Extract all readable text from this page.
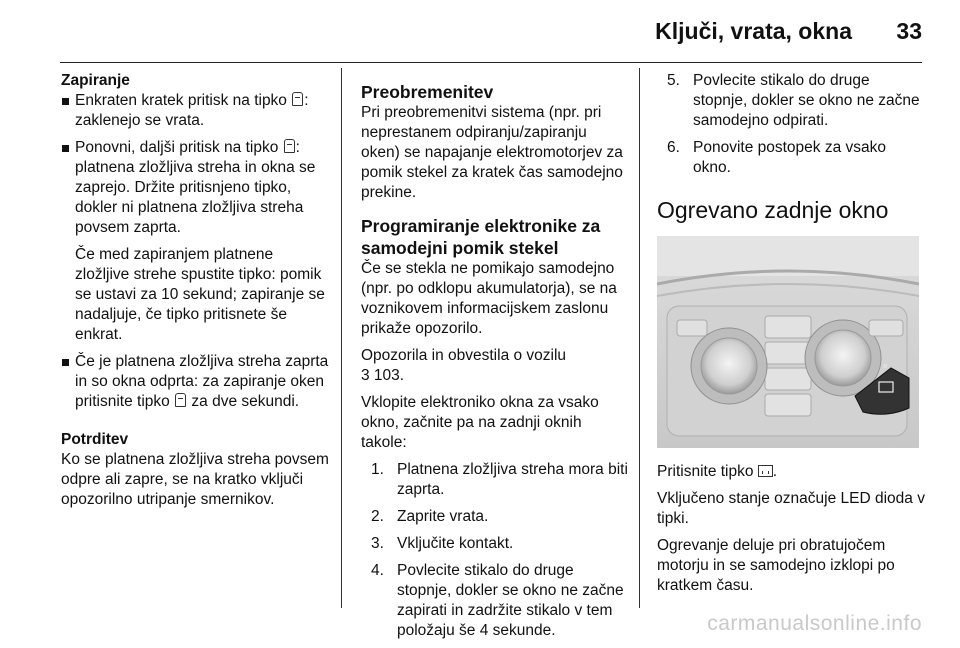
Ključi, vrata, okna 33
Zapiranje
Enkraten kratek pritisk na tipko :
zaklenejo se vrata.
Ponovni, daljši pritisk na tipko : platnena zložljiva streha in okna se zaprejo. Držite pritisnjeno tipko, dokler ni platnena zložljiva streha povsem zaprta.
Če med zapiranjem platnene zložljive strehe spustite tipko: pomik se ustavi za 10 sekund; zapiranje se nadaljuje, če tipko pritisnete še enkrat.
Če je platnena zložljiva streha zaprta in so okna odprta: za zapiranje oken pritisnite tipko za dve sekundi.
Potrditev

Ko se platnena zložljiva streha povsem odpre ali zapre, se na kratko vključi opozorilno utripanje smernikov.

Preobremenitev

Pri preobremenitvi sistema (npr. pri neprestanem odpiranju/zapiranju oken) se napajanje elektromotorjev za pomik stekel za kratek čas samodejno prekine.

Programiranje elektronike za samodejni pomik stekel

Če se stekla ne pomikajo samodejno (npr. po odklopu akumulatorja), se na voznikovem informacijskem zaslonu prikaže opozorilo.

Opozorila in obvestila o vozilu
3 103.

Vklopite elektroniko okna za vsako okno, začnite pa na zadnji oknih takole:

1. Platnena zložljiva streha mora biti zaprta.
2. Zaprite vrata.
3. Vključite kontakt.
4. Povlecite stikalo do druge stopnje, dokler se okno ne začne zapirati in zadržite stikalo v tem položaju še 4 sekunde.
5. Povlecite stikalo do druge stopnje, dokler se okno ne začne samodejno odpirati.
6. Ponovite postopek za vsako okno.
Ogrevano zadnje okno

Pritisnite tipko .

Vključeno stanje označuje LED dioda v tipki.

Ogrevanje deluje pri obratujočem motorju in se samodejno izklopi po kratkem času.

carmanualsonline.info
